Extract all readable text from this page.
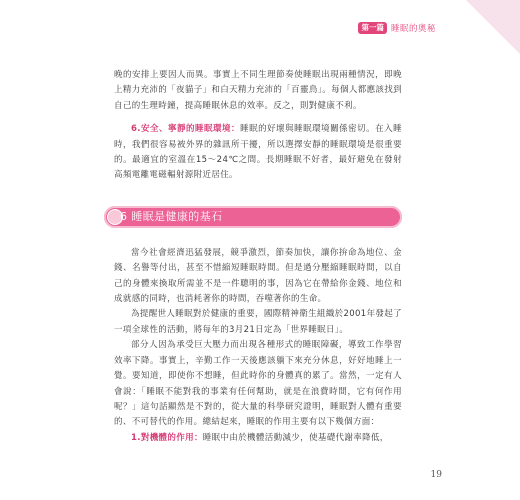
第一篇 睡眠的奧秘

晚的安排上要因人而異。事實上不同生理節奏使睡眠出現兩種情況，即晚上精力充沛的「夜貓子」和白天精力充沛的「百靈鳥」。每個人都應該找到自己的生理時鐘，提高睡眠休息的效率。反之，則對健康不利。

6.安全、寧靜的睡眠環境：睡眠的好壞與睡眠環境關係密切。在入睡時，我們很容易被外界的雜訊所干擾，所以選擇安靜的睡眠環境是很重要的。最適宜的室溫在15～24℃之間。長期睡眠不好者，最好避免在發射高頻電離電磁輻射源附近居住。

6 睡眠是健康的基石

當今社會經濟迅猛發展，競爭激烈，節奏加快，讓你拚命為地位、金錢、名譽等付出，甚至不惜縮短睡眠時間。但是過分壓縮睡眠時間，以自己的身體來換取所需並不是一件聰明的事，因為它在帶給你金錢、地位和成就感的同時，也消耗著你的時間，吞噬著你的生命。

為提醒世人睡眠對於健康的重要，國際精神衛生組織於2001年發起了一項全球性的活動，將每年的3月21日定為「世界睡眠日」。

部分人因為承受巨大壓力而出現各種形式的睡眠障礙，導致工作學習效率下降。事實上，辛勤工作一天後應該躺下來充分休息，好好地睡上一覺。要知道，即使你不想睡，但此時你的身體真的累了。當然，一定有人會說：「睡眠不能對我的事業有任何幫助，就是在浪費時間，它有何作用呢？」這句話顯然是不對的，從大量的科學研究證明，睡眠對人體有重要的、不可替代的作用。總結起來，睡眠的作用主要有以下幾個方面：

1.對機體的作用：睡眠中由於機體活動減少，使基礎代謝率降低，

19
